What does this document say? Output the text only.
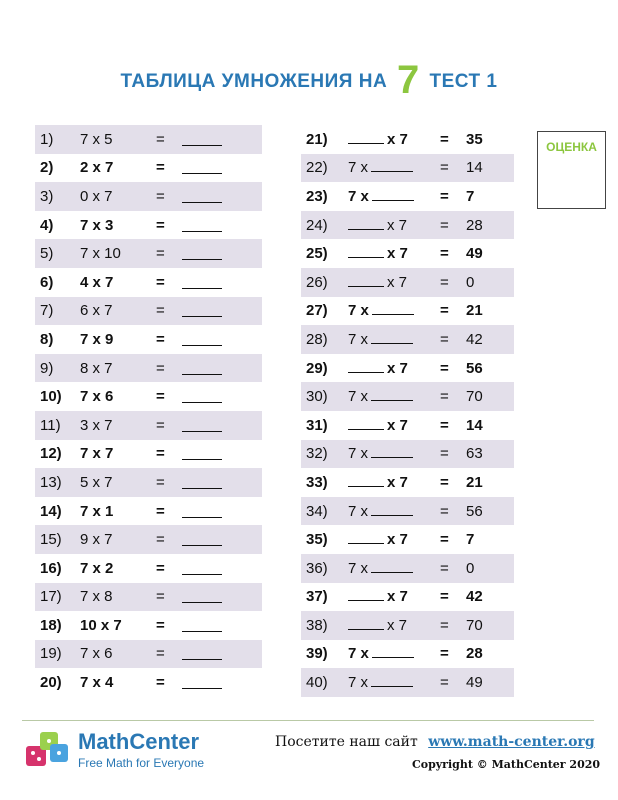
ТАБЛИЦА УМНОЖЕНИЯ НА 7 ТЕСТ 1
1)	7 x 5	=
2)	2 x 7	=
3)	0 x 7	=
4)	7 x 3	=
5)	7 x 10	=
6)	4 x 7	=
7)	6 x 7	=
8)	7 x 9	=
9)	8 x 7	=
10)	7 x 6	=
11)	3 x 7	=
12)	7 x 7	=
13)	5 x 7	=
14)	7 x 1	=
15)	9 x 7	=
16)	7 x 2	=
17)	7 x 8	=
18)	10 x 7	=
19)	7 x 6	=
20)	7 x 4	=
21)	x 7	=	35
22)	7 x	=	14
23)	7 x	=	7
24)	x 7	=	28
25)	x 7	=	49
26)	x 7	=	0
27)	7 x	=	21
28)	7 x	=	42
29)	x 7	=	56
30)	7 x	=	70
31)	x 7	=	14
32)	7 x	=	63
33)	x 7	=	21
34)	7 x	=	56
35)	x 7	=	7
36)	7 x	=	0
37)	x 7	=	42
38)	x 7	=	70
39)	7 x	=	28
40)	7 x	=	49
ОЦЕНКА
MathCenter
Free Math for Everyone
Посетите наш сайт www.math-center.org
Copyright © MathCenter 2020
